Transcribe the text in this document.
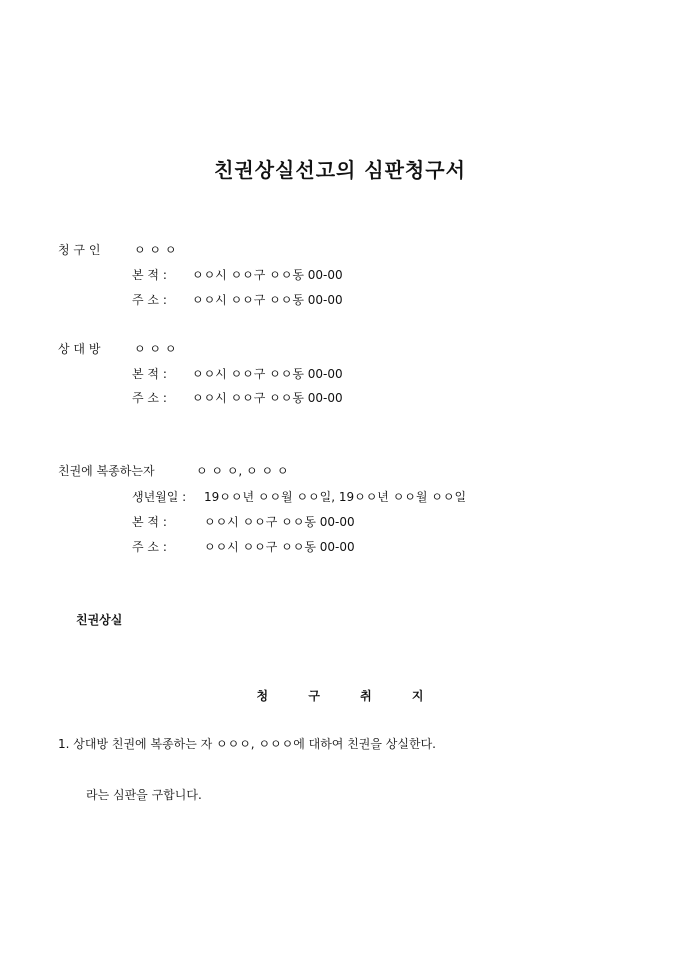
친권상실선고의 심판청구서
청 구 인	ㅇ ㅇ ㅇ
본 적 : ㅇㅇ시 ㅇㅇ구 ㅇㅇ동 00-00
주 소 : ㅇㅇ시 ㅇㅇ구 ㅇㅇ동 00-00
상 대 방	ㅇ ㅇ ㅇ
본 적 : ㅇㅇ시 ㅇㅇ구 ㅇㅇ동 00-00
주 소 : ㅇㅇ시 ㅇㅇ구 ㅇㅇ동 00-00
친권에 복종하는자	ㅇ ㅇ ㅇ, ㅇ ㅇ ㅇ
생년월일 : 19ㅇㅇ년 ㅇㅇ월 ㅇㅇ일, 19ㅇㅇ년 ㅇㅇ월 ㅇㅇ일
본 적 :	ㅇㅇ시 ㅇㅇ구 ㅇㅇ동 00-00
주 소 :	ㅇㅇ시 ㅇㅇ구 ㅇㅇ동 00-00
친권상실
청	구	취	지
1. 상대방 친권에 복종하는 자 ㅇㅇㅇ, ㅇㅇㅇ에 대하여 친권을 상실한다.
라는 심판을 구합니다.
